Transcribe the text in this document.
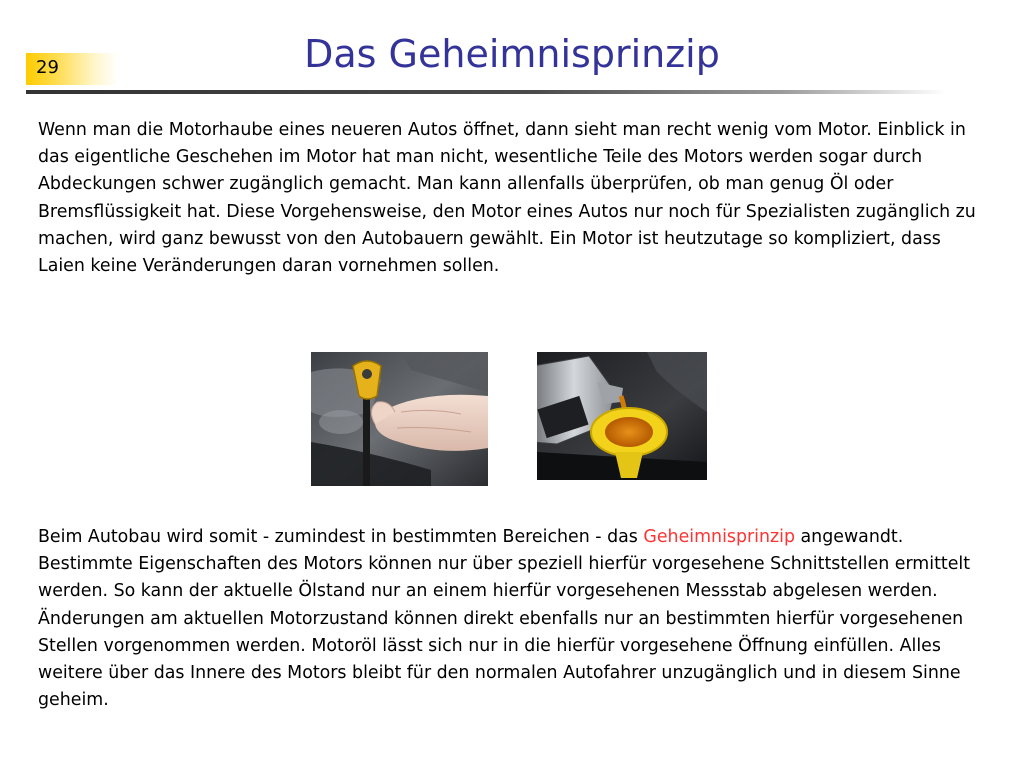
29	Das Geheimnisprinzip

Wenn man die Motorhaube eines neueren Autos öffnet, dann sieht man recht wenig vom Motor. Einblick in das eigentliche Geschehen im Motor hat man nicht, wesentliche Teile des Motors werden sogar durch Abdeckungen schwer zugänglich gemacht. Man kann allenfalls überprüfen, ob man genug Öl oder Bremsflüssigkeit hat. Diese Vorgehensweise, den Motor eines Autos nur noch für Spezialisten zugänglich zu machen, wird ganz bewusst von den Autobauern gewählt. Ein Motor ist heutzutage so kompliziert, dass Laien keine Veränderungen daran vornehmen sollen.

Beim Autobau wird somit - zumindest in bestimmten Bereichen - das Geheimnisprinzip angewandt. Bestimmte Eigenschaften des Motors können nur über speziell hierfür vorgesehene Schnittstellen ermittelt werden. So kann der aktuelle Ölstand nur an einem hierfür vorgesehenen Messstab abgelesen werden. Änderungen am aktuellen Motorzustand können direkt ebenfalls nur an bestimmten hierfür vorgesehenen Stellen vorgenommen werden. Motoröl lässt sich nur in die hierfür vorgesehene Öffnung einfüllen. Alles weitere über das Innere des Motors bleibt für den normalen Autofahrer unzugänglich und in diesem Sinne geheim.
